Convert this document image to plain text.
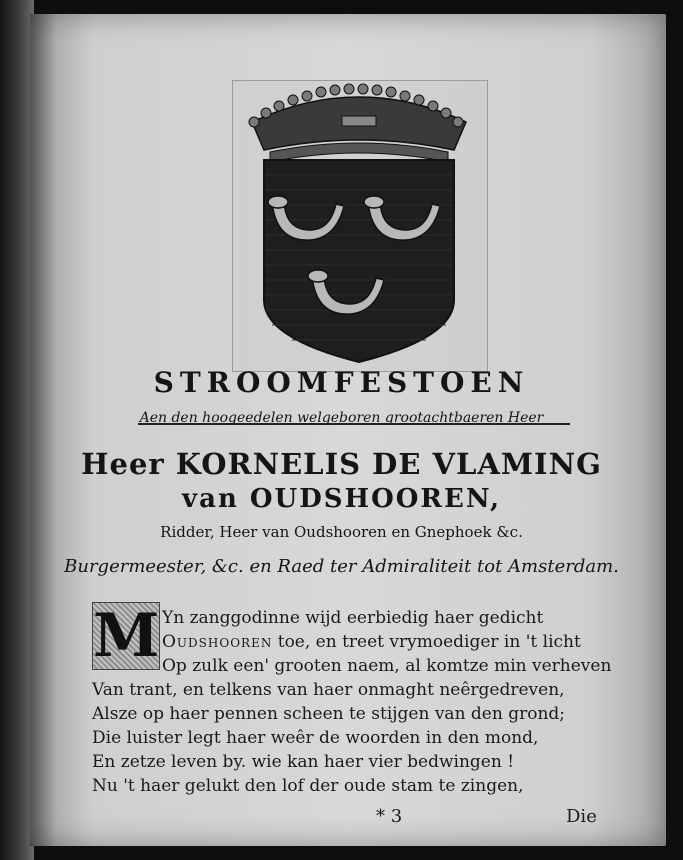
STROOMFESTOEN
Aen den hoogeedelen welgeboren grootachtbaeren Heer
Heer KORNELIS DE VLAMING
van OUDSHOOREN,
Ridder, Heer van Oudshooren en Gnephoek &c.
Burgermeester, &c. en Raed ter Admiraliteit tot Amsterdam.
M Yn zanggodinne wijd eerbiedig haer gedicht
Oudshooren toe, en treet vrymoediger in 't licht
Op zulk een' grooten naem, al komtze min verheven
Van trant, en telkens van haer onmaght neêrgedreven,
Alsze op haer pennen scheen te stijgen van den grond;
Die luister legt haer weêr de woorden in den mond,
En zetze leven by. wie kan haer vier bedwingen !
Nu 't haer gelukt den lof der oude stam te zingen,
* 3	Die
